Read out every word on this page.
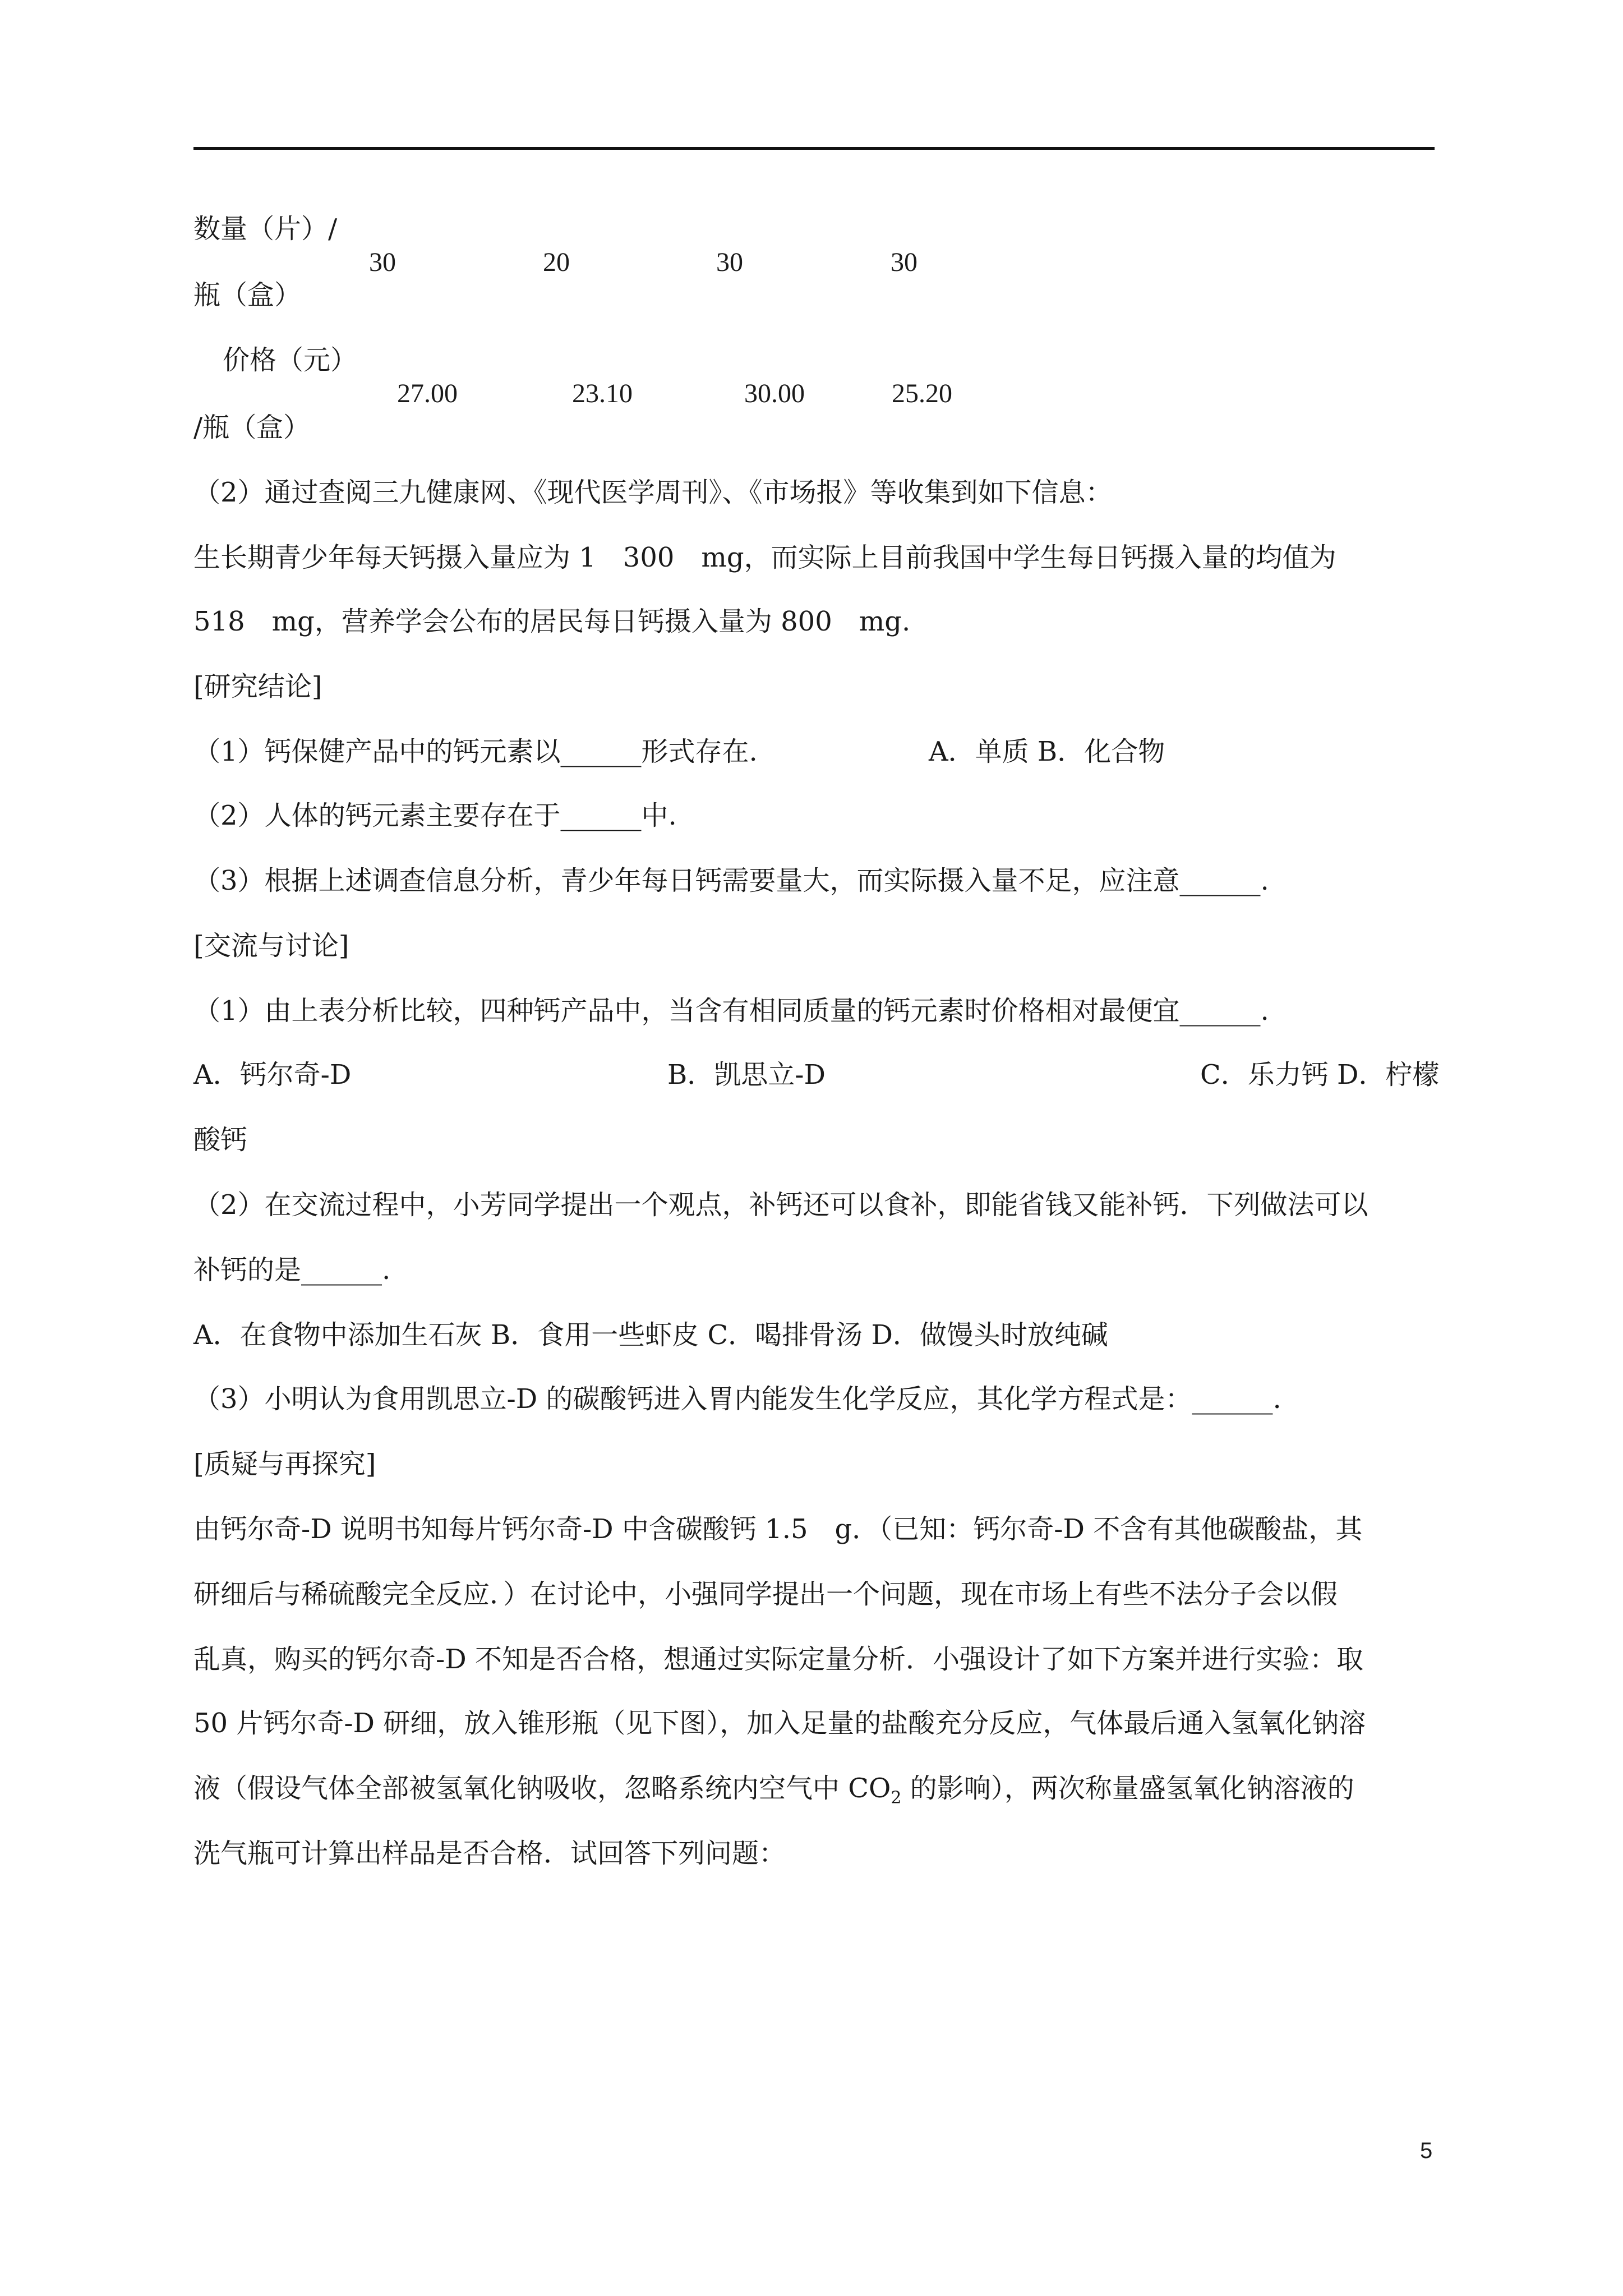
数量（片）/
30	20	30	30
瓶（盒）
价格（元）
27.00	23.10	30.00	25.20
/瓶（盒）
（2）通过查阅三九健康网、《现代医学周刊》、《市场报》等收集到如下信息：
生长期青少年每天钙摄入量应为 1　300　mg，而实际上目前我国中学生每日钙摄入量的均值为
518　mg，营养学会公布的居民每日钙摄入量为 800　mg.
[研究结论]
（1）钙保健产品中的钙元素以______形式存在.	A．单质 B．化合物
（2）人体的钙元素主要存在于______中.
（3）根据上述调查信息分析，青少年每日钙需要量大，而实际摄入量不足，应注意______.
[交流与讨论]
（1）由上表分析比较，四种钙产品中，当含有相同质量的钙元素时价格相对最便宜______.
A．钙尔奇-D	B．凯思立-D	C．乐力钙 D．柠檬
酸钙
（2）在交流过程中，小芳同学提出一个观点，补钙还可以食补，即能省钱又能补钙．下列做法可以
补钙的是______.
A．在食物中添加生石灰 B．食用一些虾皮 C．喝排骨汤 D．做馒头时放纯碱
（3）小明认为食用凯思立-D 的碳酸钙进入胃内能发生化学反应，其化学方程式是：______.
[质疑与再探究]
由钙尔奇-D 说明书知每片钙尔奇-D 中含碳酸钙 1.5　g．（已知：钙尔奇-D 不含有其他碳酸盐，其
研细后与稀硫酸完全反应．）在讨论中，小强同学提出一个问题，现在市场上有些不法分子会以假
乱真，购买的钙尔奇-D 不知是否合格，想通过实际定量分析．小强设计了如下方案并进行实验：取
50 片钙尔奇-D 研细，放入锥形瓶（见下图），加入足量的盐酸充分反应，气体最后通入氢氧化钠溶
液（假设气体全部被氢氧化钠吸收，忽略系统内空气中 $CO_2$ 的影响），两次称量盛氢氧化钠溶液的
洗气瓶可计算出样品是否合格．试回答下列问题：
5
